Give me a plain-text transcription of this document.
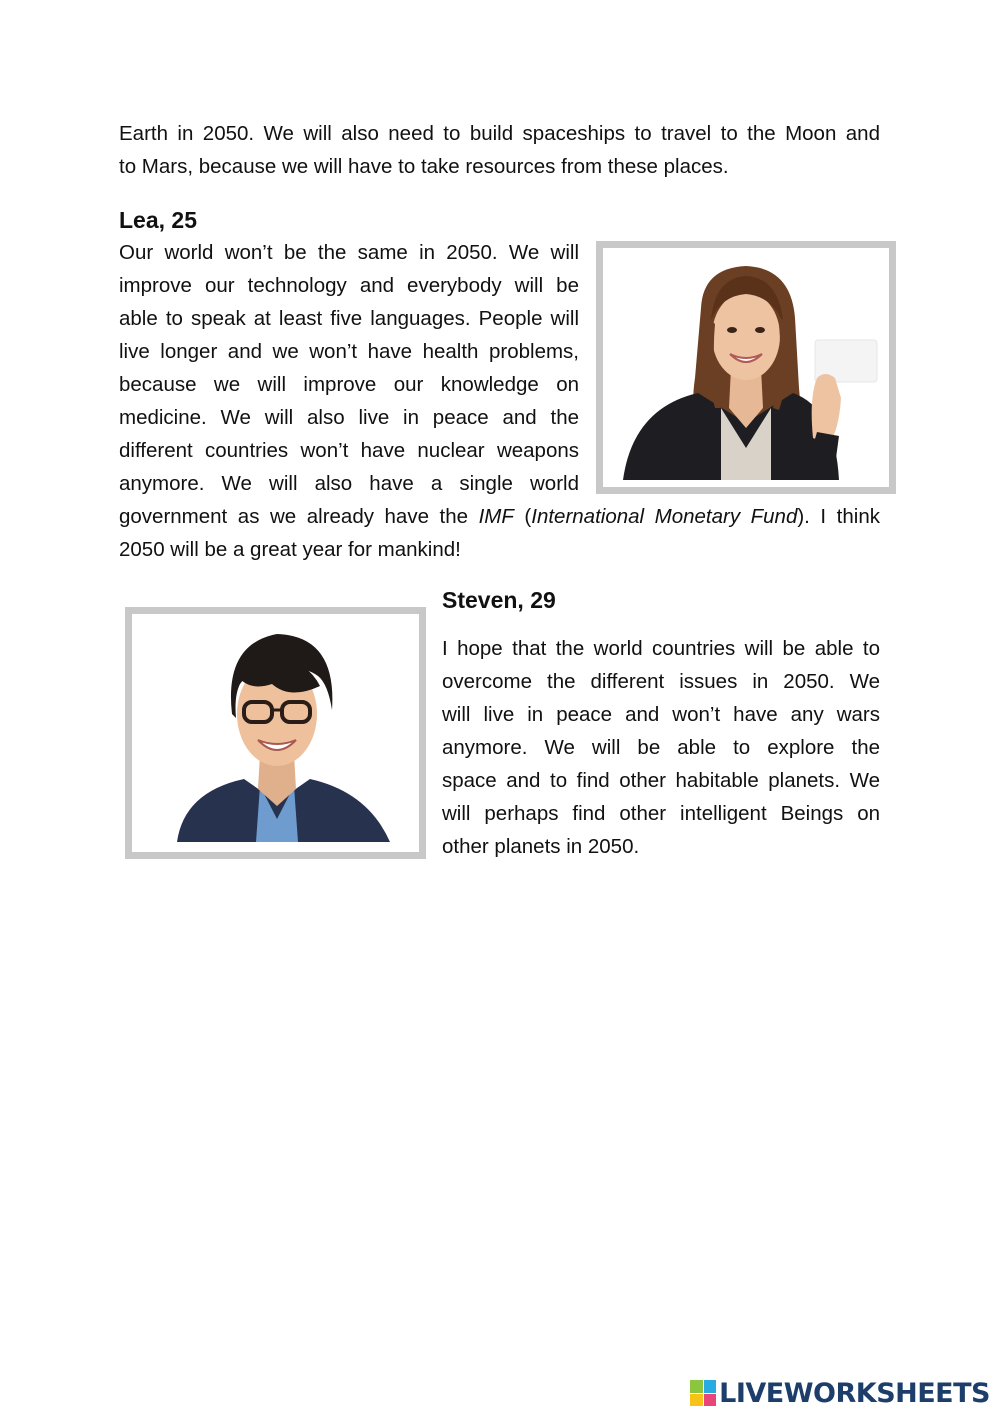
Earth in 2050. We will also need to build spaceships to travel to the Moon and
to Mars, because we will have to take resources from these places.
Lea, 25
Our world won’t be the same in 2050. We will
improve our technology and everybody will be
able to speak at least five languages. People will
live longer and we won’t have health problems,
because we will improve our knowledge on
medicine. We will also live in peace and the
different countries won’t have nuclear weapons
anymore. We will also have a single world
government as we already have the IMF (International Monetary Fund). I think
2050 will be a great year for mankind!
Steven, 29
I hope that the world countries will be able to
overcome the different issues in 2050. We
will live in peace and won’t have any wars
anymore. We will be able to explore the
space and to find other habitable planets. We
will perhaps find other intelligent Beings on
other planets in 2050.
LIVEWORKSHEETS
